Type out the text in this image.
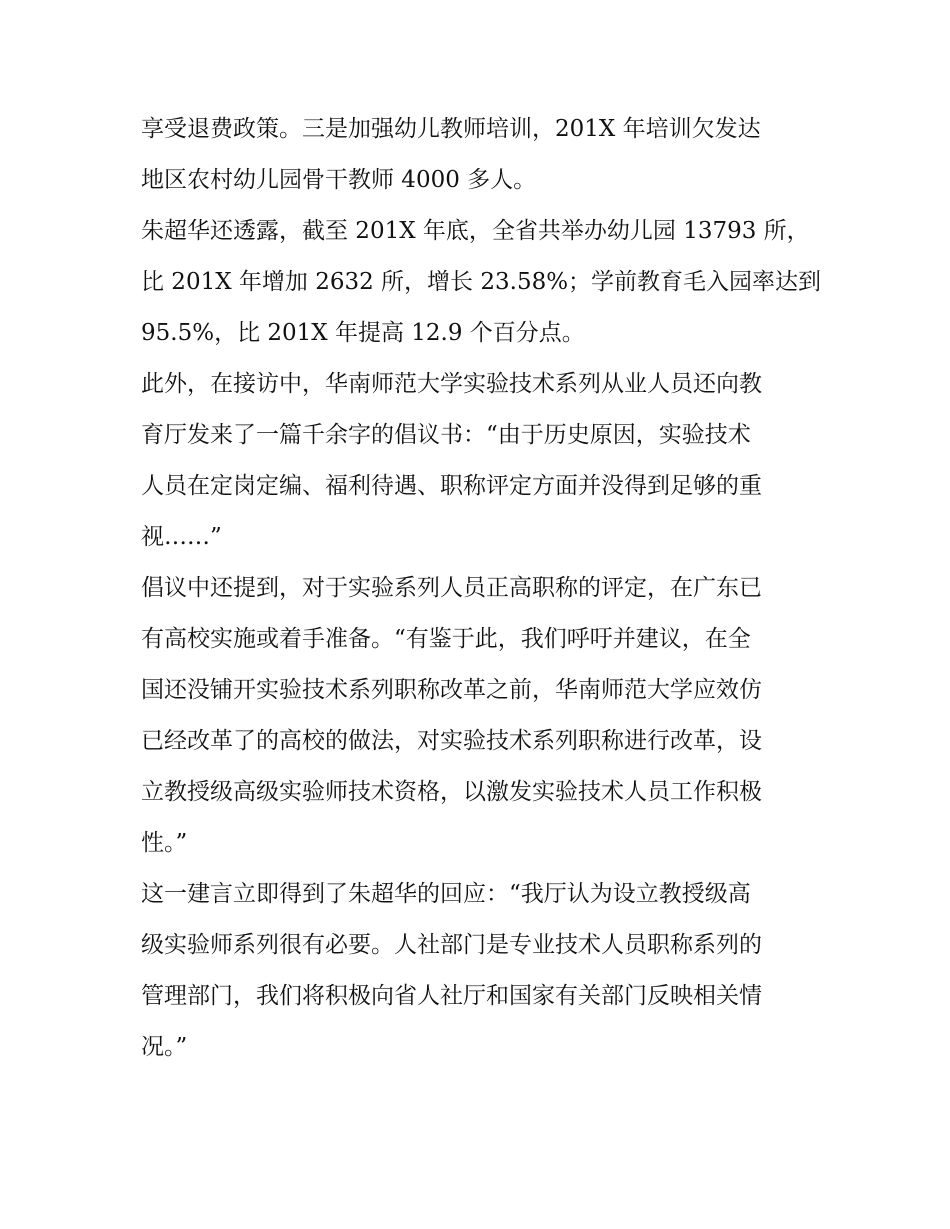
享受退费政策。三是加强幼儿教师培训，201X 年培训欠发达
地区农村幼儿园骨干教师 4000 多人。
朱超华还透露，截至 201X 年底，全省共举办幼儿园 13793 所，
比 201X 年增加 2632 所，增长 23.58%；学前教育毛入园率达到
95.5%，比 201X 年提高 12.9 个百分点。
此外，在接访中，华南师范大学实验技术系列从业人员还向教
育厅发来了一篇千余字的倡议书：“由于历史原因，实验技术
人员在定岗定编、福利待遇、职称评定方面并没得到足够的重
视……”
倡议中还提到，对于实验系列人员正高职称的评定，在广东已
有高校实施或着手准备。“有鉴于此，我们呼吁并建议，在全
国还没铺开实验技术系列职称改革之前，华南师范大学应效仿
已经改革了的高校的做法，对实验技术系列职称进行改革，设
立教授级高级实验师技术资格，以激发实验技术人员工作积极
性。”
这一建言立即得到了朱超华的回应：“我厅认为设立教授级高
级实验师系列很有必要。人社部门是专业技术人员职称系列的
管理部门，我们将积极向省人社厅和国家有关部门反映相关情
况。”
